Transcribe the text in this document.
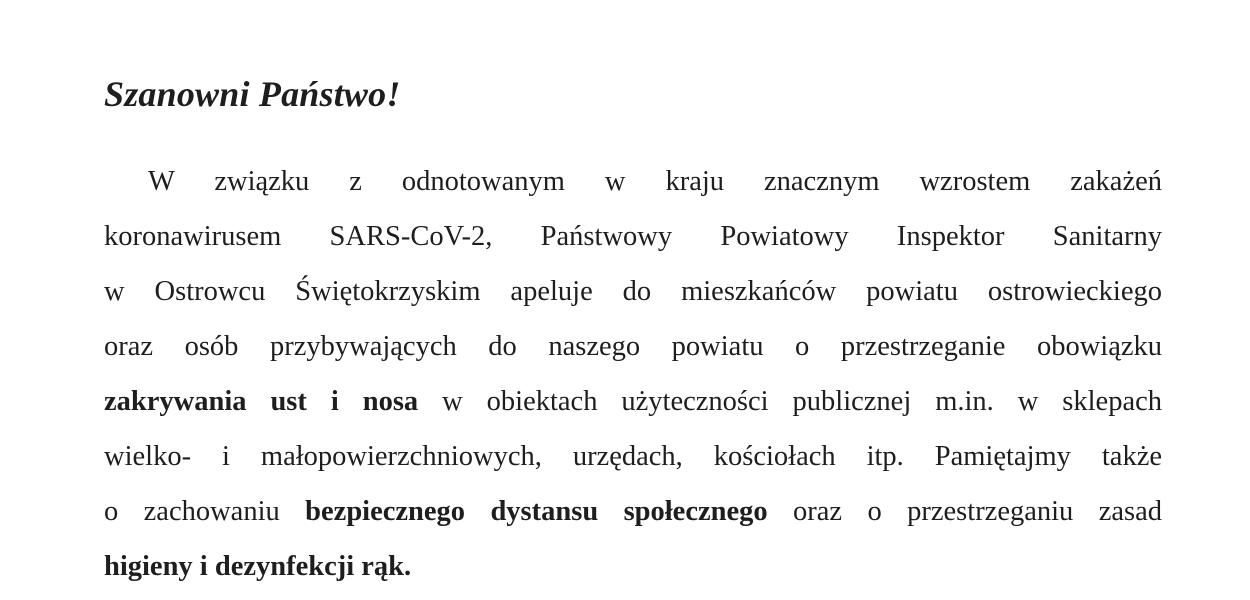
Szanowni Państwo!
W związku z odnotowanym w kraju znacznym wzrostem zakażeń
koronawirusem SARS-CoV-2, Państwowy Powiatowy Inspektor Sanitarny
w Ostrowcu Świętokrzyskim apeluje do mieszkańców powiatu ostrowieckiego
oraz osób przybywających do naszego powiatu o przestrzeganie obowiązku
zakrywania ust i nosa w obiektach użyteczności publicznej m.in. w sklepach
wielko- i małopowierzchniowych, urzędach, kościołach itp. Pamiętajmy także
o zachowaniu bezpiecznego dystansu społecznego oraz o przestrzeganiu zasad
higieny i dezynfekcji rąk.
